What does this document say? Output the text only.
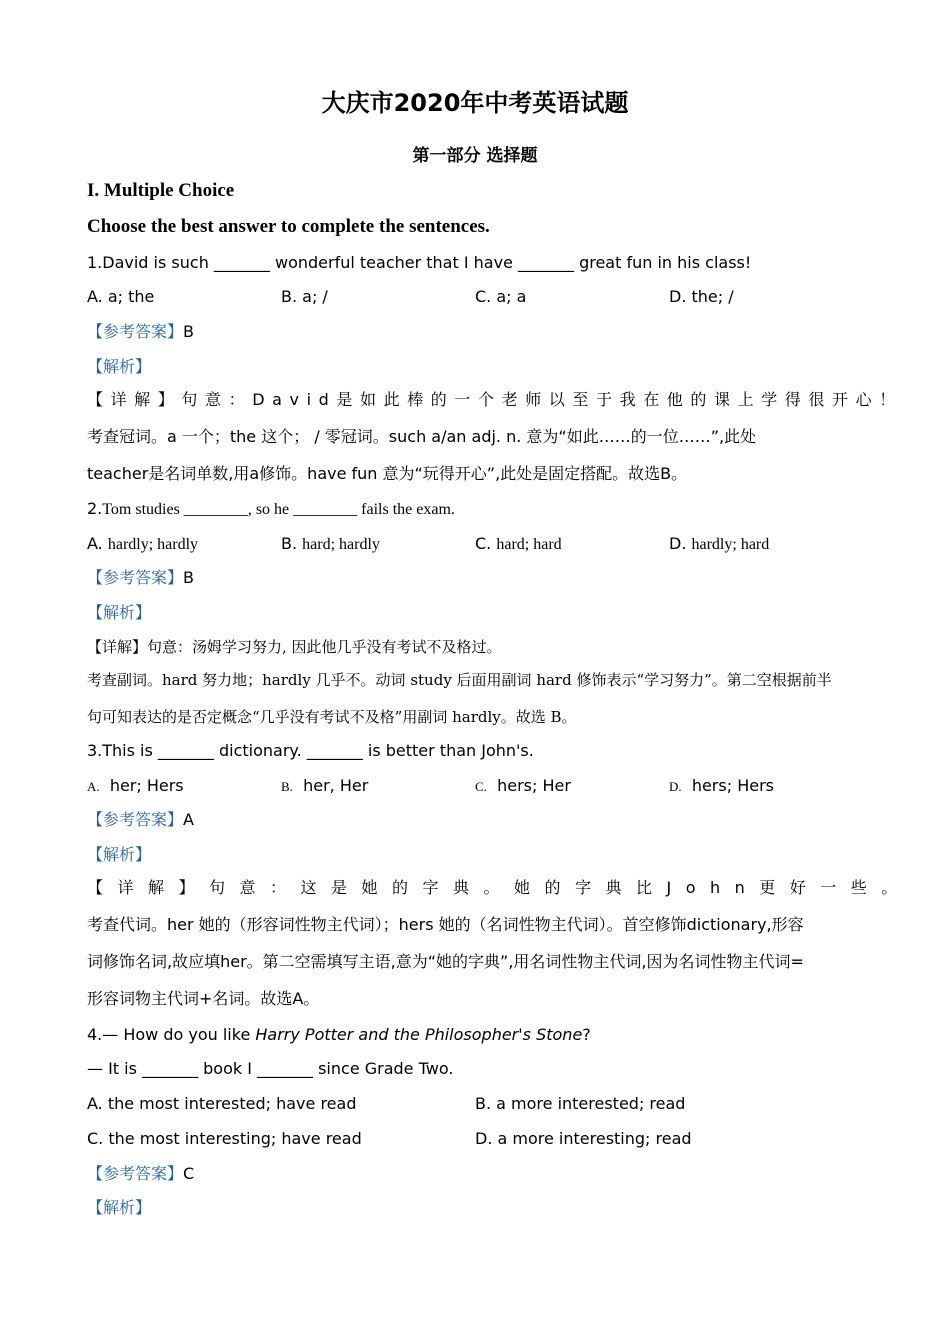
大庆市2020年中考英语试题
第一部分 选择题
I. Multiple Choice
Choose the best answer to complete the sentences.
1.David is such _______ wonderful teacher that I have _______ great fun in his class!
A. a; the	B. a; /	C. a; a	D. the; /
【参考答案】B
【解析】
【详解】句意：David是如此棒的一个老师以至于我在他的课上学得很开心！
考查冠词。a 一个；the 这个； / 零冠词。such a/an adj. n. 意为“如此……的一位……”,此处
teacher是名词单数,用a修饰。have fun 意为“玩得开心”,此处是固定搭配。故选B。
2.Tom studies ________, so he ________ fails the exam.
A. hardly; hardly	B. hard; hardly	C. hard; hard	D. hardly; hard
【参考答案】B
【解析】
【详解】句意：汤姆学习努力, 因此他几乎没有考试不及格过。
考查副词。hard 努力地；hardly 几乎不。动词 study 后面用副词 hard 修饰表示“学习努力”。第二空根据前半
句可知表达的是否定概念“几乎没有考试不及格”用副词 hardly。故选 B。
3.This is _______ dictionary. _______ is better than John's.
A. her; Hers	B. her, Her	C. hers; Her	D. hers; Hers
【参考答案】A
【解析】
【详解】句意：这是她的字典。她的字典比John更好一些。
考查代词。her 她的（形容词性物主代词）；hers 她的（名词性物主代词）。首空修饰dictionary,形容
词修饰名词,故应填her。第二空需填写主语,意为“她的字典”,用名词性物主代词,因为名词性物主代词=
形容词物主代词+名词。故选A。
4.— How do you like Harry Potter and the Philosopher's Stone?
— It is _______ book I _______ since Grade Two.
A. the most interested; have read	B. a more interested; read
C. the most interesting; have read	D. a more interesting; read
【参考答案】C
【解析】
